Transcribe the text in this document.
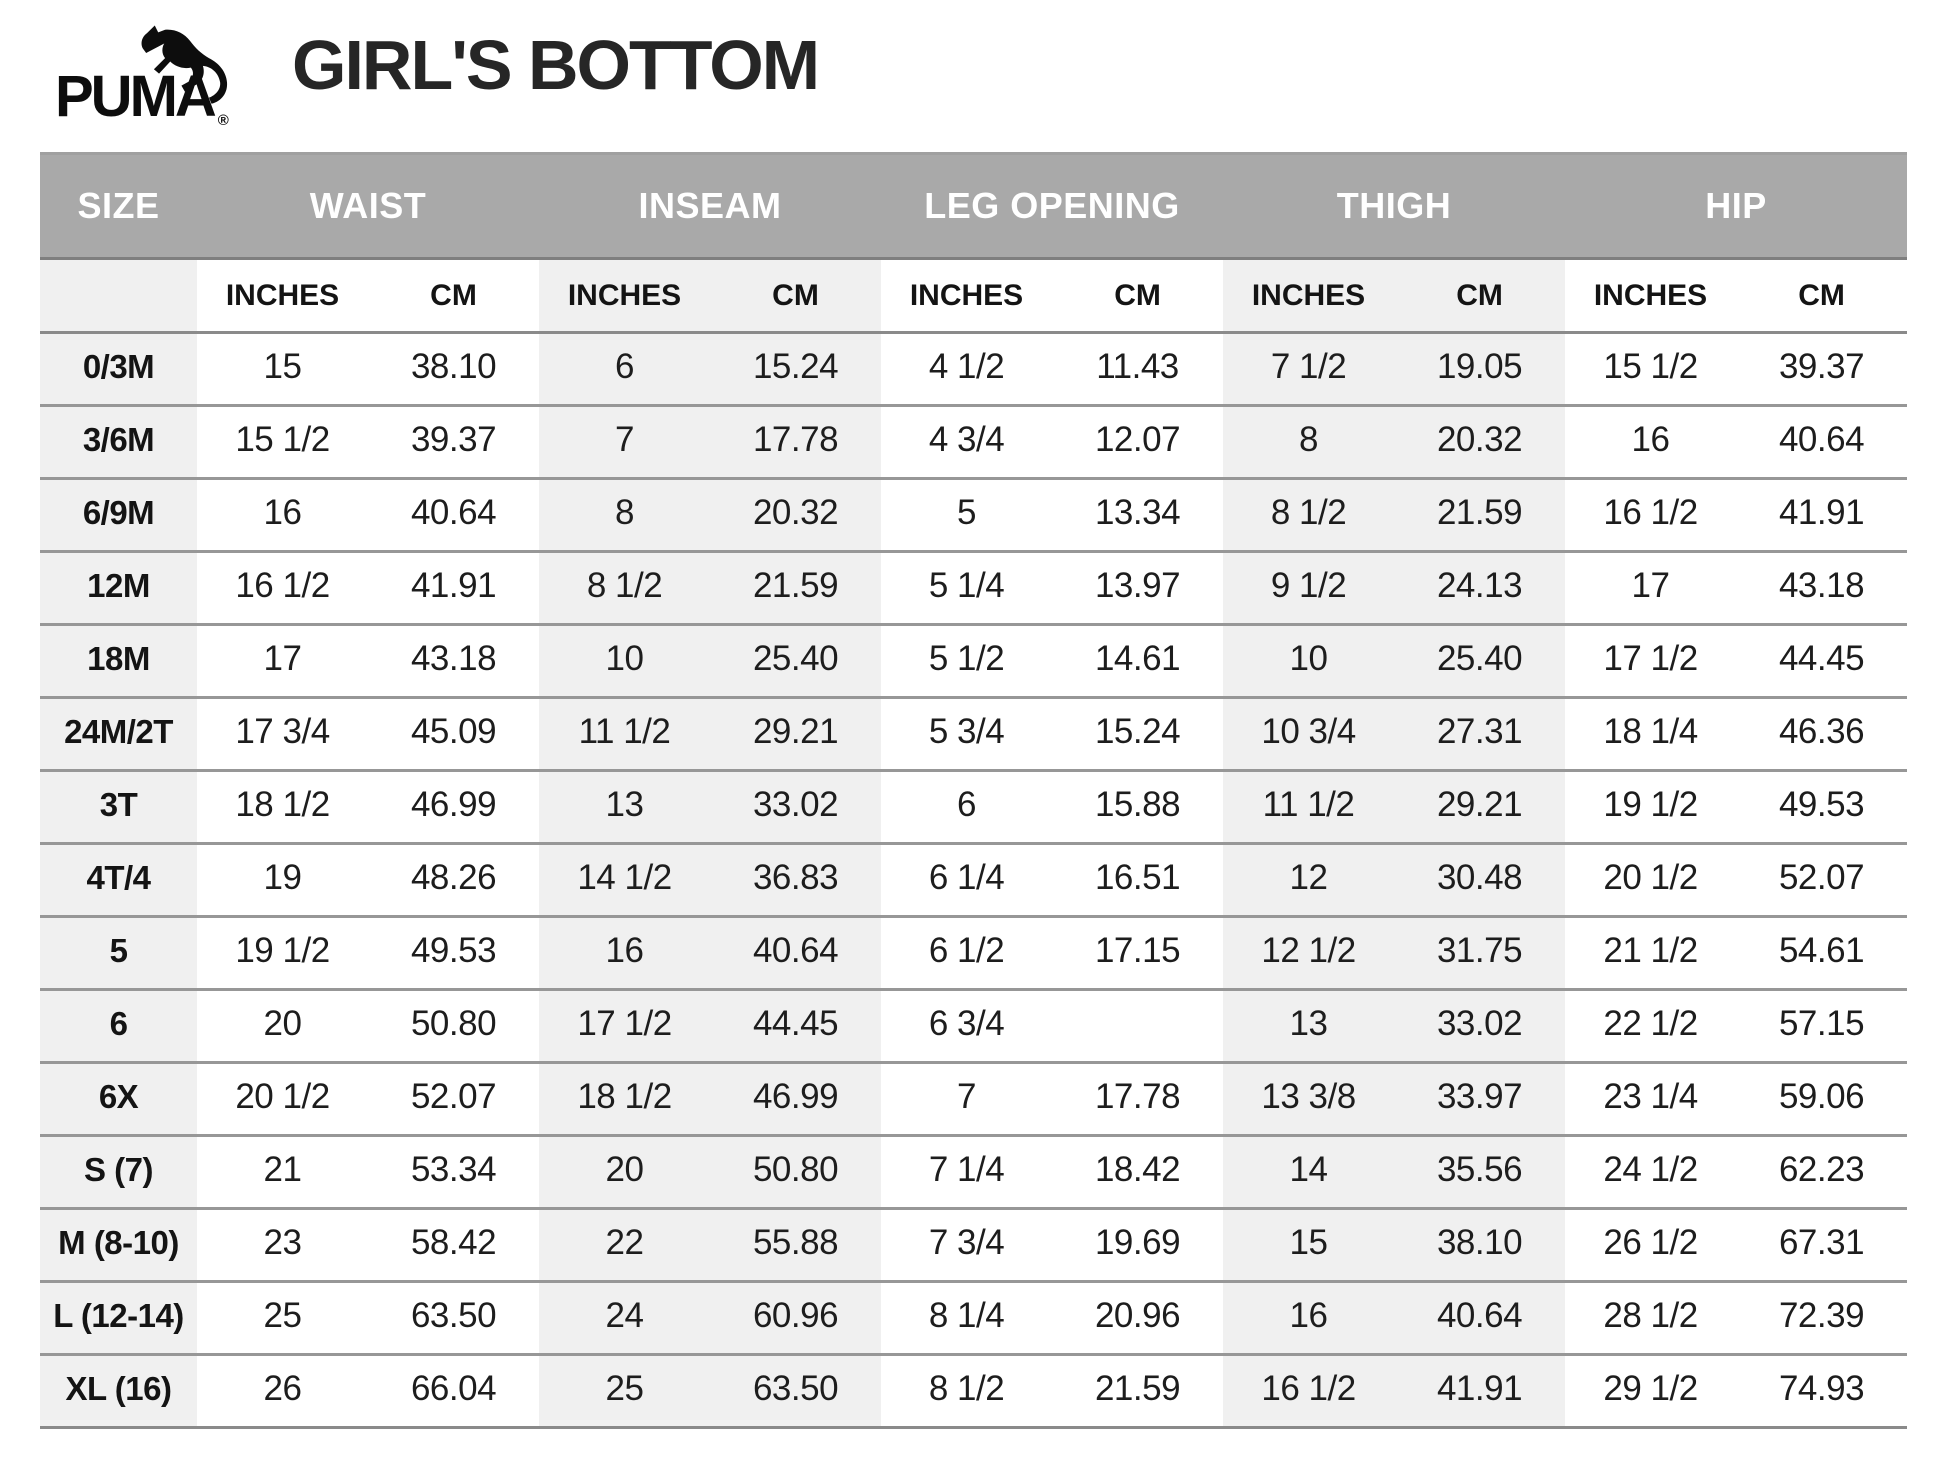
PUMA ®
GIRL'S BOTTOM
SIZE	WAIST		INSEAM		LEG OPENING		THIGH		HIP	
	INCHES	CM	INCHES	CM	INCHES	CM	INCHES	CM	INCHES	CM
0/3M	15	38.10	6	15.24	4 1/2	11.43	7 1/2	19.05	15 1/2	39.37
3/6M	15 1/2	39.37	7	17.78	4 3/4	12.07	8	20.32	16	40.64
6/9M	16	40.64	8	20.32	5	13.34	8 1/2	21.59	16 1/2	41.91
12M	16 1/2	41.91	8 1/2	21.59	5 1/4	13.97	9 1/2	24.13	17	43.18
18M	17	43.18	10	25.40	5 1/2	14.61	10	25.40	17 1/2	44.45
24M/2T	17 3/4	45.09	11 1/2	29.21	5 3/4	15.24	10 3/4	27.31	18 1/4	46.36
3T	18 1/2	46.99	13	33.02	6	15.88	11 1/2	29.21	19 1/2	49.53
4T/4	19	48.26	14 1/2	36.83	6 1/4	16.51	12	30.48	20 1/2	52.07
5	19 1/2	49.53	16	40.64	6 1/2	17.15	12 1/2	31.75	21 1/2	54.61
6	20	50.80	17 1/2	44.45	6 3/4		13	33.02	22 1/2	57.15
6X	20 1/2	52.07	18 1/2	46.99	7	17.78	13 3/8	33.97	23 1/4	59.06
S (7)	21	53.34	20	50.80	7 1/4	18.42	14	35.56	24 1/2	62.23
M (8-10)	23	58.42	22	55.88	7 3/4	19.69	15	38.10	26 1/2	67.31
L (12-14)	25	63.50	24	60.96	8 1/4	20.96	16	40.64	28 1/2	72.39
XL (16)	26	66.04	25	63.50	8 1/2	21.59	16 1/2	41.91	29 1/2	74.93
